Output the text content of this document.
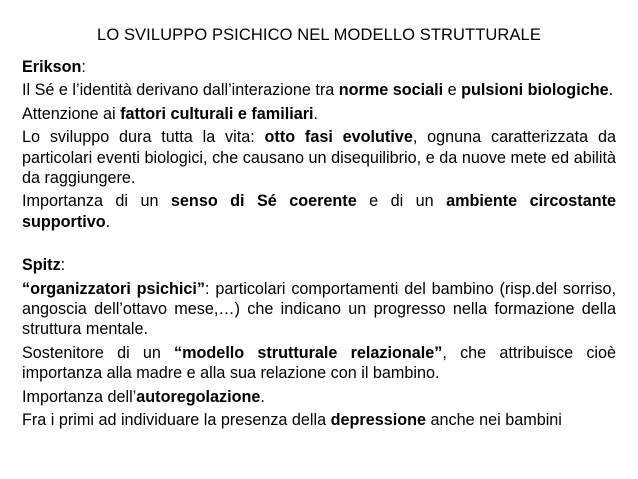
LO SVILUPPO PSICHICO NEL MODELLO STRUTTURALE
Erikson:
Il Sé e l’identità derivano dall’interazione tra norme sociali e pulsioni biologiche.
Attenzione ai fattori culturali e familiari.
Lo sviluppo dura tutta la vita: otto fasi evolutive, ognuna caratterizzata da particolari eventi biologici, che causano un disequilibrio, e da nuove mete ed abilità da raggiungere.
Importanza di un senso di Sé coerente e di un ambiente circostante supportivo.
Spitz:
“organizzatori psichici”: particolari comportamenti del bambino (risp.del sorriso, angoscia dell’ottavo mese,…) che indicano un progresso nella formazione della struttura mentale.
Sostenitore di un “modello strutturale relazionale”, che attribuisce cioè importanza alla madre e alla sua relazione con il bambino.
Importanza dell’autoregolazione.
Fra i primi ad individuare la presenza della depressione anche nei bambini
